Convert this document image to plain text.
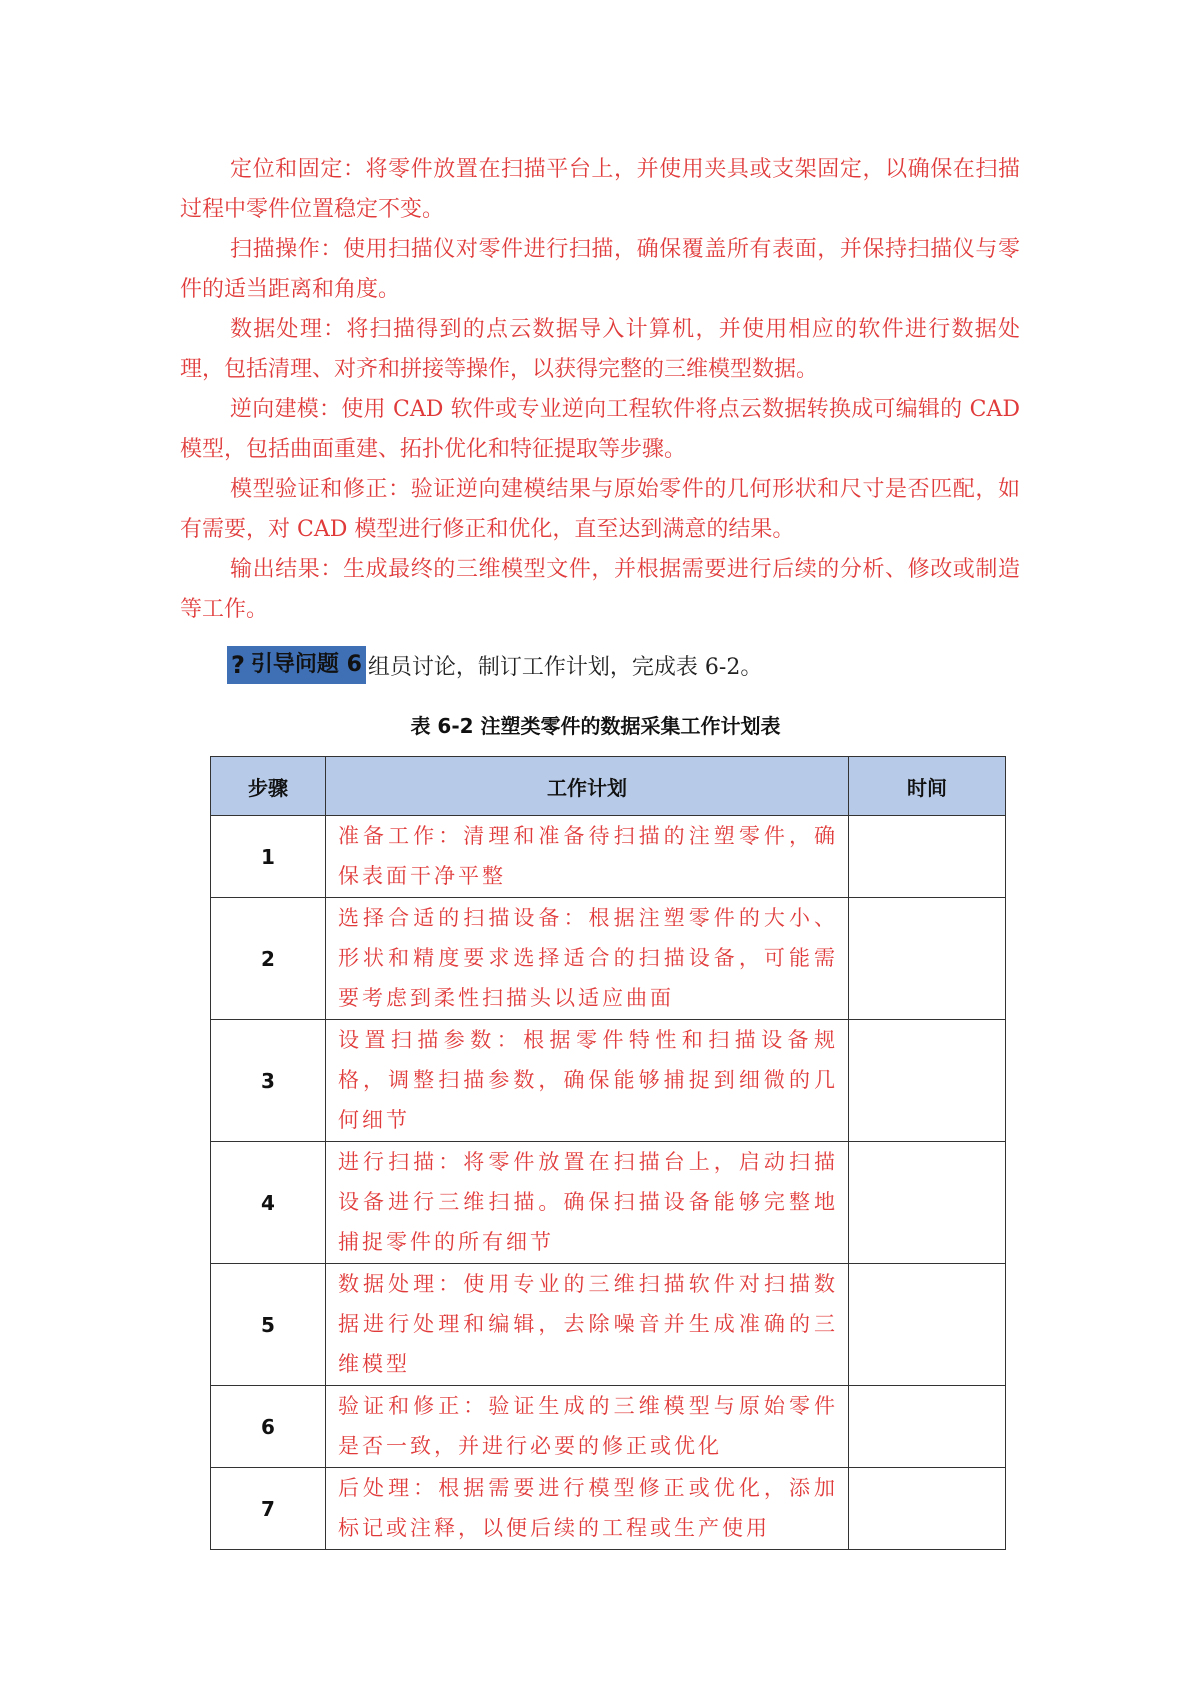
定位和固定：将零件放置在扫描平台上，并使用夹具或支架固定，以确保在扫描过程中零件位置稳定不变。

扫描操作：使用扫描仪对零件进行扫描，确保覆盖所有表面，并保持扫描仪与零件的适当距离和角度。

数据处理：将扫描得到的点云数据导入计算机，并使用相应的软件进行数据处理，包括清理、对齐和拼接等操作，以获得完整的三维模型数据。

逆向建模：使用 CAD 软件或专业逆向工程软件将点云数据转换成可编辑的 CAD 模型，包括曲面重建、拓扑优化和特征提取等步骤。

模型验证和修正：验证逆向建模结果与原始零件的几何形状和尺寸是否匹配，如有需要，对 CAD 模型进行修正和优化，直至达到满意的结果。

输出结果：生成最终的三维模型文件，并根据需要进行后续的分析、修改或制造等工作。

? 引导问题 6 组员讨论，制订工作计划，完成表 6-2。
表 6-2 注塑类零件的数据采集工作计划表
步骤	工作计划	时间
1	准备工作：清理和准备待扫描的注塑零件，确保表面干净平整	
2	选择合适的扫描设备：根据注塑零件的大小、形状和精度要求选择适合的扫描设备，可能需要考虑到柔性扫描头以适应曲面	
3	设置扫描参数：根据零件特性和扫描设备规格，调整扫描参数，确保能够捕捉到细微的几何细节	
4	进行扫描：将零件放置在扫描台上，启动扫描设备进行三维扫描。确保扫描设备能够完整地捕捉零件的所有细节	
5	数据处理：使用专业的三维扫描软件对扫描数据进行处理和编辑，去除噪音并生成准确的三维模型	
6	验证和修正：验证生成的三维模型与原始零件是否一致，并进行必要的修正或优化	
7	后处理：根据需要进行模型修正或优化，添加标记或注释，以便后续的工程或生产使用	
